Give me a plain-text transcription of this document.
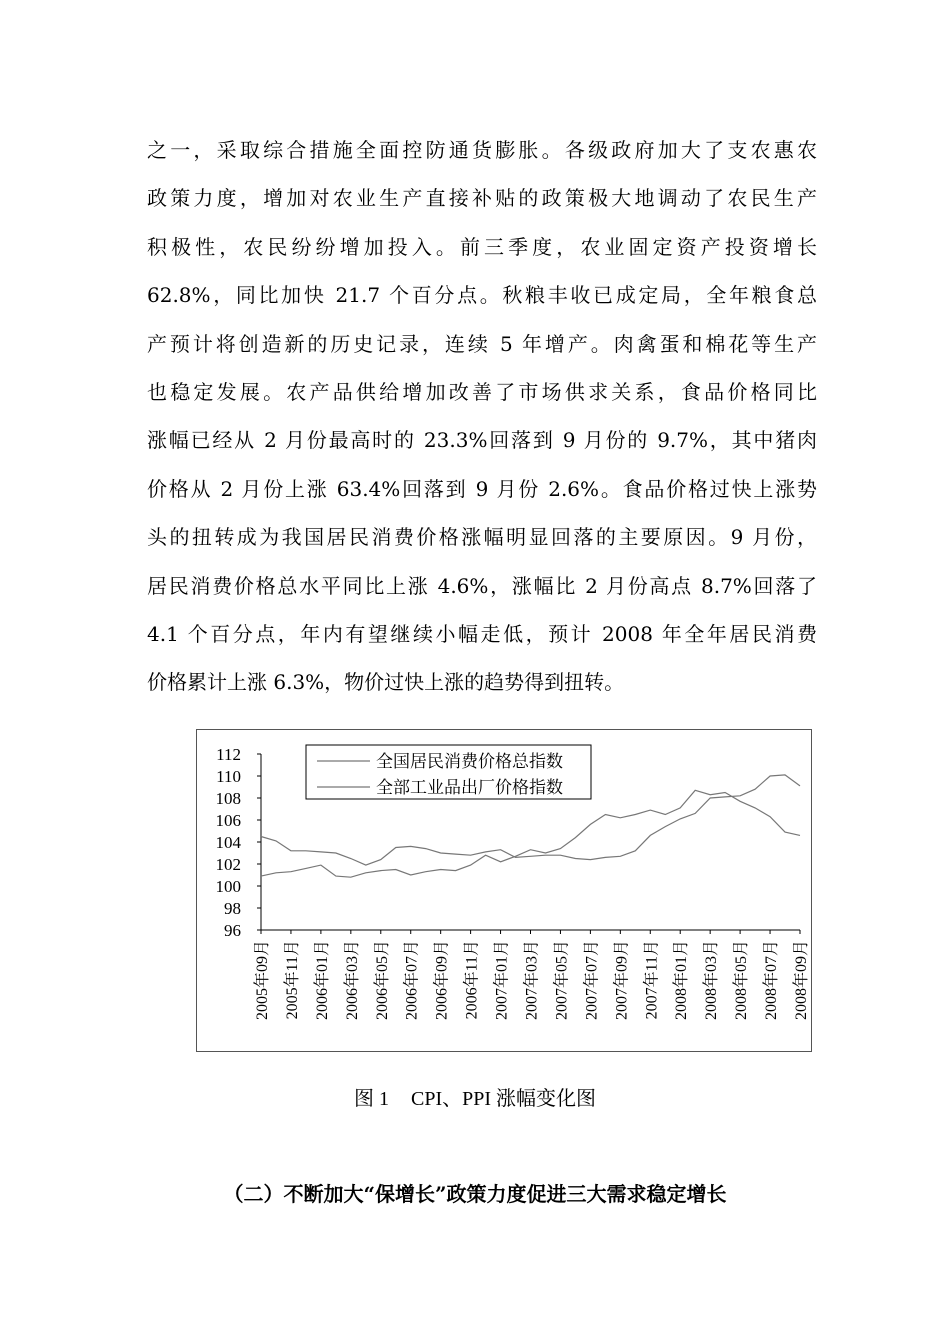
之一，采取综合措施全面控防通货膨胀。各级政府加大了支农惠农
政策力度，增加对农业生产直接补贴的政策极大地调动了农民生产
积极性，农民纷纷增加投入。前三季度，农业固定资产投资增长
62.8%，同比加快 21.7 个百分点。秋粮丰收已成定局，全年粮食总
产预计将创造新的历史记录，连续 5 年增产。肉禽蛋和棉花等生产
也稳定发展。农产品供给增加改善了市场供求关系，食品价格同比
涨幅已经从 2 月份最高时的 23.3%回落到 9 月份的 9.7%，其中猪肉
价格从 2 月份上涨 63.4%回落到 9 月份 2.6%。食品价格过快上涨势
头的扭转成为我国居民消费价格涨幅明显回落的主要原因。9 月份，
居民消费价格总水平同比上涨 4.6%，涨幅比 2 月份高点 8.7%回落了
4.1 个百分点，年内有望继续小幅走低，预计 2008 年全年居民消费
价格累计上涨 6.3%，物价过快上涨的趋势得到扭转。
96
98
100
102
104
106
108
110
112
2005年09月 2005年11月 2006年01月 2006年03月 2006年05月 2006年07月 2006年09月 2006年11月 2007年01月 2007年03月 2007年05月 2007年07月 2007年09月 2007年11月 2008年01月 2008年03月 2008年05月 2008年07月 2008年09月
全国居民消费价格总指数
全部工业品出厂价格指数
图 1 CPI、PPI 涨幅变化图
（二）不断加大“保增长”政策力度促进三大需求稳定增长
